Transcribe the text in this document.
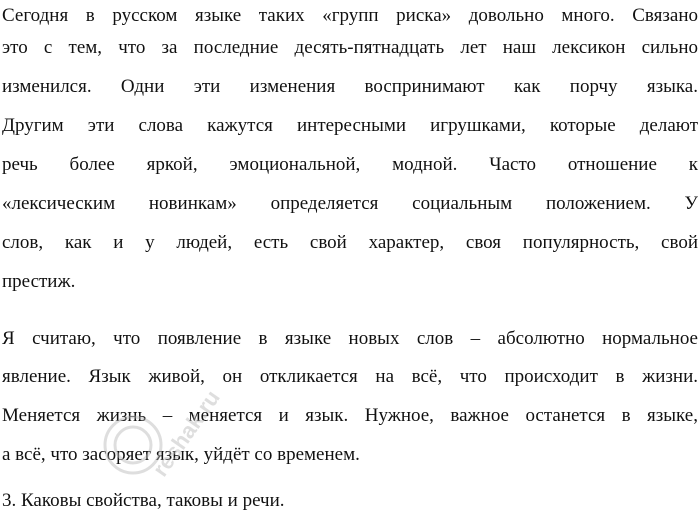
Сегодня в русском языке таких «групп риска» довольно много. Связано
это с тем, что за последние десять-пятнадцать лет наш лексикон сильно
изменился. Одни эти изменения воспринимают как порчу языка.
Другим эти слова кажутся интересными игрушками, которые делают
речь более яркой, эмоциональной, модной. Часто отношение к
«лексическим новинкам» определяется социальным положением. У
слов, как и у людей, есть свой характер, своя популярность, свой
престиж.
Я считаю, что появление в языке новых слов – абсолютно нормальное
явление. Язык живой, он откликается на всё, что происходит в жизни.
Меняется жизнь – меняется и язык. Нужное, важное останется в языке,
а всё, что засоряет язык, уйдёт со временем.
3. Каковы свойства, таковы и речи.
reshak.ru
